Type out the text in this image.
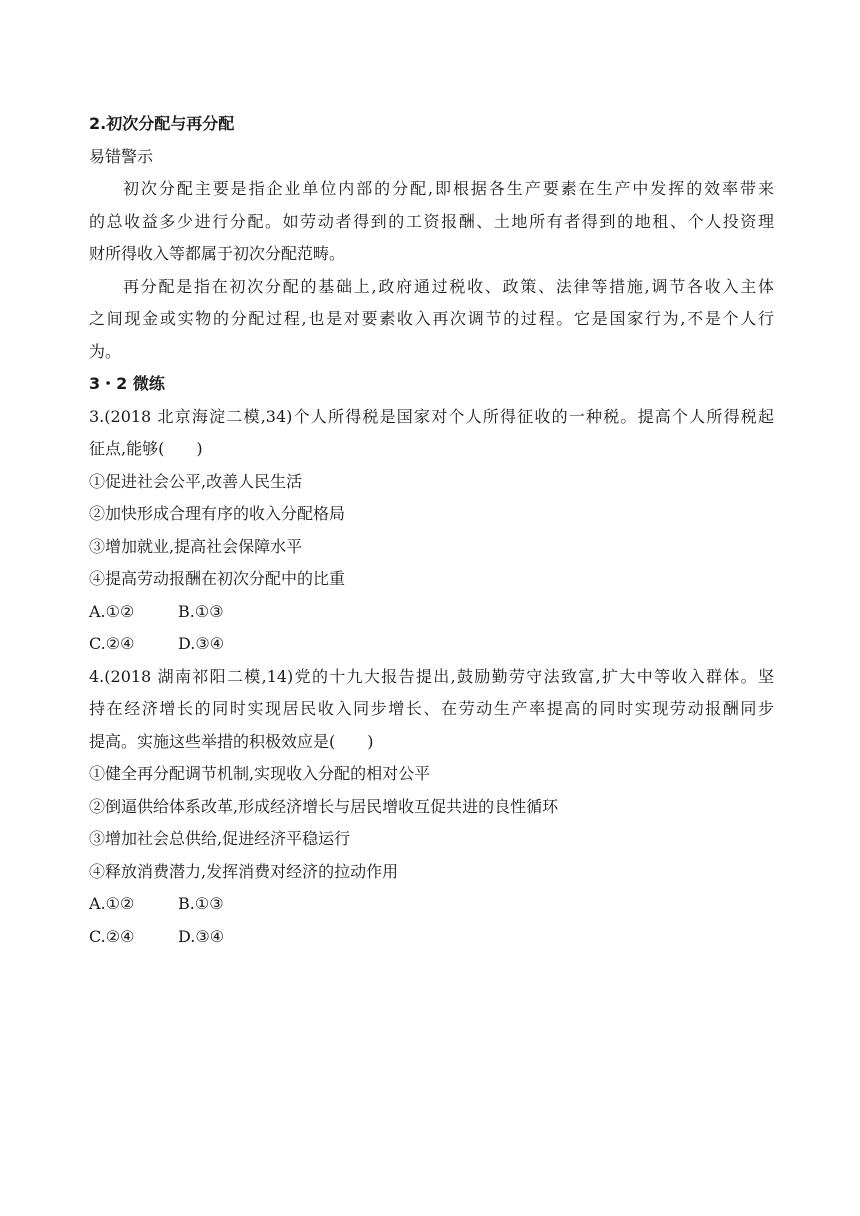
2.初次分配与再分配
易错警示
初次分配主要是指企业单位内部的分配,即根据各生产要素在生产中发挥的效率带来
的总收益多少进行分配。如劳动者得到的工资报酬、土地所有者得到的地租、个人投资理
财所得收入等都属于初次分配范畴。
再分配是指在初次分配的基础上,政府通过税收、政策、法律等措施,调节各收入主体
之间现金或实物的分配过程,也是对要素收入再次调节的过程。它是国家行为,不是个人行
为。
3・2 微练
3.(2018 北京海淀二模,34)个人所得税是国家对个人所得征收的一种税。提高个人所得税起
征点,能够(　　)
①促进社会公平,改善人民生活
②加快形成合理有序的收入分配格局
③增加就业,提高社会保障水平
④提高劳动报酬在初次分配中的比重
A.①②	B.①③
C.②④	D.③④
4.(2018 湖南祁阳二模,14)党的十九大报告提出,鼓励勤劳守法致富,扩大中等收入群体。坚
持在经济增长的同时实现居民收入同步增长、在劳动生产率提高的同时实现劳动报酬同步
提高。实施这些举措的积极效应是(　　)
①健全再分配调节机制,实现收入分配的相对公平
②倒逼供给体系改革,形成经济增长与居民增收互促共进的良性循环
③增加社会总供给,促进经济平稳运行
④释放消费潜力,发挥消费对经济的拉动作用
A.①②	B.①③
C.②④	D.③④
